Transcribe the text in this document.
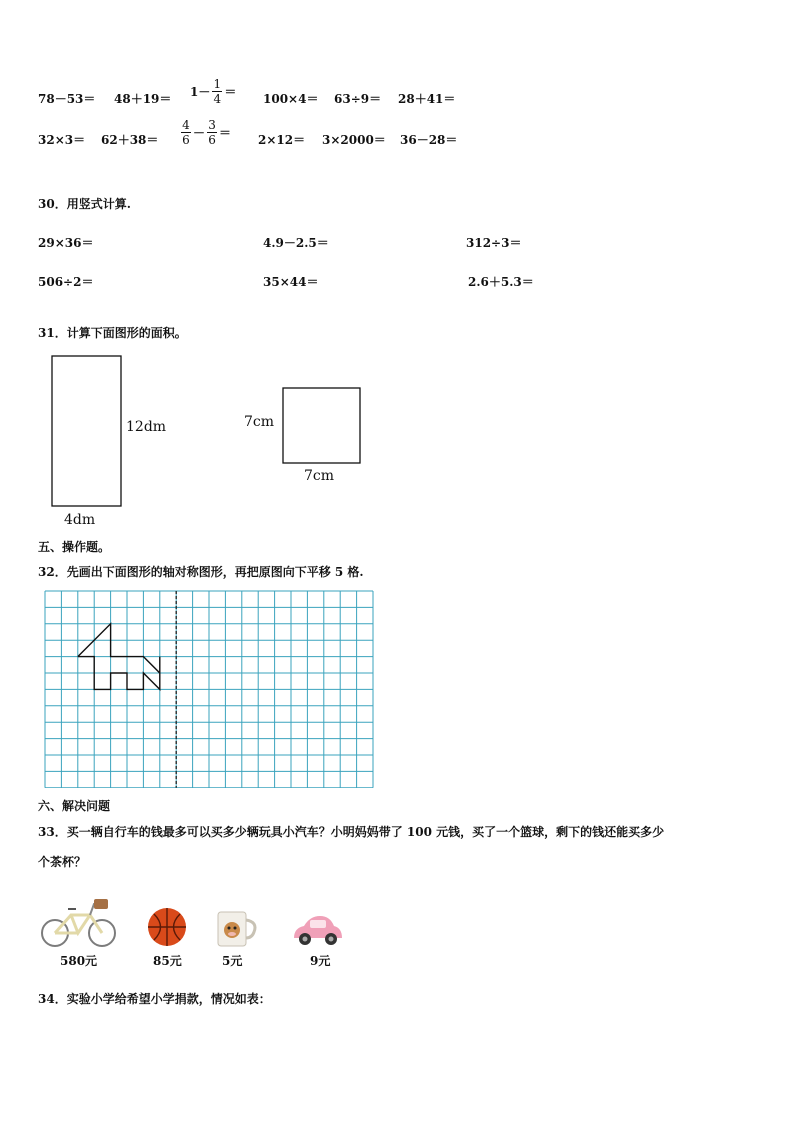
$78-53= 48+19= 1- \frac{1}{4} = 100\times 4= 63\div 9= 28+41=$
$32\times 3= 62+38= \frac{4}{6} - \frac{3}{6} = 2\times 12= 3\times 2000= 36-28=$
30．用竖式计算.
29×36＝	4.9－2.5＝	312÷3＝
506÷2＝	35×44＝	2.6＋5.3＝
31．计算下面图形的面积。
12dm
4dm
7cm
7cm
五、操作题。
32．先画出下面图形的轴对称图形，再把原图向下平移 5 格.
六、解决问题
33．买一辆自行车的钱最多可以买多少辆玩具小汽车？小明妈妈带了 100 元钱，买了一个篮球，剩下的钱还能买多少
个茶杯？
580元	85元	5元	9元
34．实验小学给希望小学捐款，情况如表：
